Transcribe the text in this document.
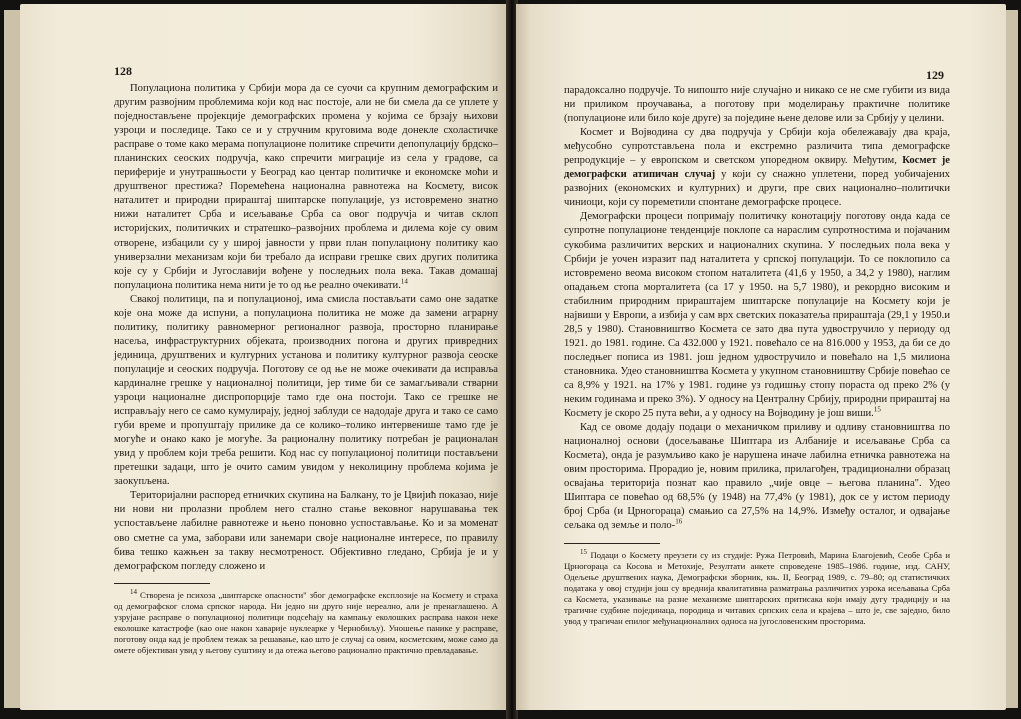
128

Популациона политика у Србији мора да се суочи са крупним демографским и другим развојним проблемима који код нас постоје, али не би смела да се уплете у поједностављене пројекције демографских промена у којима се брзају њихови узроци и последице. Тако се и у стручним круговима воде донекле схоластичке расправе о томе како мерама популационе политике спречити депопулацију брдско–планинских сеоских подручја, како спречити миграције из села у градове, са периферије и унутрашњости у Београд као центар политичке и економске моћи и друштвеног престижа? Поремећена национална равнотежа на Космету, висок наталитет и природни прираштај шиптарске популације, уз истовремено знатно нижи наталитет Срба и исељавање Срба са овог подручја и читав склоп историјских, политичких и стратешко–развојних проблема и дилема које су овим отворене, избацили су у широј јавности у први план популациону политику као универзални механизам који би требало да исправи грешке свих других политика које су у Србији и Југославији вођене у последњих пола века. Такав домашај популациона политика нема нити је то од ње реално очекивати.$^{14}$

Свакој политици, па и популационој, има смисла постављати само оне задатке које она може да испуни, а популациона политика не може да замени аграрну политику, политику равномерног регионалног развоја, просторно планирање насеља, инфраструктурних објеката, производних погона и других привредних јединица, друштвених и културних установа и политику културног развоја сеоске популације и сеоских подручја. Поготову се од ње не може очекивати да исправља кардиналне грешке у националној политици, јер тиме би се замагљивали стварни узроци националне диспропорције тамо где она постоји. Тако се грешке не исправљају него се само кумулирају, једној заблуди се надодаје друга и тако се само губи време и пропуштају прилике да се колико–толико интервенише тамо где је могуће и онако како је могуће. За рационалну политику потребан је рационалан увид у проблем који треба решити. Код нас су популационој политици постављени претешки задаци, што је очито самим увидом у неколицину проблема којима је заокупљена.

Територијални распоред етничких скупина на Балкану, то је Цвијић показао, није ни нови ни пролазни проблем него стално стање вековног нарушавања тек успостављене лабилне равнотеже и њено поновно успостављање. Ко и за моменат ово сметне са ума, заборави или занемари своје националне интересе, по правилу бива тешко кажњен за такву несмотреност. Објективно гледано, Србија је и у демографском погледу сложено и

$^{14}$ Створена је психоза „шиптарске опасности" због демографске експлозије на Космету и страха од демографског слома српског народа. Ни једно ни друго није нереално, али је пренаглашено. А узрујане расправе о популационој политици подсећају на кампању еколошких расправа након неке еколошке катастрофе (као оне након хаварије нуклеарке у Чернобиљу). Уношење панике у расправе, поготову онда кад је проблем тежак за решавање, као што је случај са овим, косметским, може само да омете објективан увид у његову суштину и да отежа његово рационално практично превладавање.

129

парадоксално подручје. То нипошто није случајно и никако се не сме губити из вида ни приликом проучавања, а поготову при моделирању практичне политике (популационе или било које друге) за поједине њене делове или за Србију у целини.

Космет и Војводина су два подручја у Србији која обележавају два краја, међусобно супротстављена пола и екстремно различита типа демографске репродукције – у европском и светском упоредном оквиру. Међутим, Космет је демографски атипичан случај у који су снажно уплетени, поред уобичајених развојних (економских и културних) и други, пре свих национално–политички чиниоци, који су пореметили спонтане демографске процесе.

Демографски процеси попримају политичку конотацију поготову онда када се супротне популационе тенденције поклопе са нараслим супротностима и појачаним сукобима различитих верских и националних скупина. У последњих пола века у Србији је уочен изразит пад наталитета у српској популацији. То се поклопило са истовремено веома високом стопом наталитета (41,6 у 1950, а 34,2 у 1980), наглим опадањем стопа морталитета (са 17 у 1950. на 5,7 1980), и рекордно високим и стабилним природним прираштајем шиптарске популације на Космету који је највиши у Европи, а избија у сам врх светских показатеља прираштаја (29,1 у 1950.и 28,5 у 1980). Становништво Космета се зато два пута удвостручило у периоду од 1921. до 1981. године. Са 432.000 у 1921. повећало се на 816.000 у 1953, да би се до последњег пописа из 1981. још једном удвостручило и повећало на 1,5 милиона становника. Удео становништва Космета у укупном становништву Србије повећао се са 8,9% у 1921. на 17% у 1981. године уз годишњу стопу пораста од преко 2% (у неким годинама и преко 3%). У односу на Централну Србију, природни прираштај на Космету је скоро 25 пута већи, а у односу на Војводину је још виши.$^{15}$

Кад се овоме додају подаци о механичком приливу и одливу становништва по националној основи (досељавање Шиптара из Албаније и исељавање Срба са Космета), онда је разумљиво како је нарушена иначе лабилна етничка равнотежа на овим просторима. Прорадио је, новим прилика, прилагођен, традиционални образац освајања територија познат као правило „чије овце – његова планина". Удео Шиптара се повећао од 68,5% (у 1948) на 77,4% (у 1981), док се у истом периоду број Срба (и Црногораца) смањио са 27,5% на 14,9%. Између осталог, и одвајање сељака од земље и поло-$^{16}$

$^{15}$ Подаци о Космету преузети су из студије: Ружа Петровић, Марина Благојевић, Сеобе Срба и Црногораца са Косова и Метохије, Резултати анкете спроведене 1985–1986. године, изд. САНУ, Одељење друштвених наука, Демографски зборник, књ. II, Београд 1989, с. 79–80; од статистичких података у овој студији још су вреднија квалитативна разматрања различитих узрока исељавања Срба са Космета, указивање на разне механизме шиптарских притисака који имају дугу традицију и на трагичне судбине појединаца, породица и читавих српских села и крајева – што је, све заједно, било увод у трагичан епилог међунационалних односа на југословенским просторима.
